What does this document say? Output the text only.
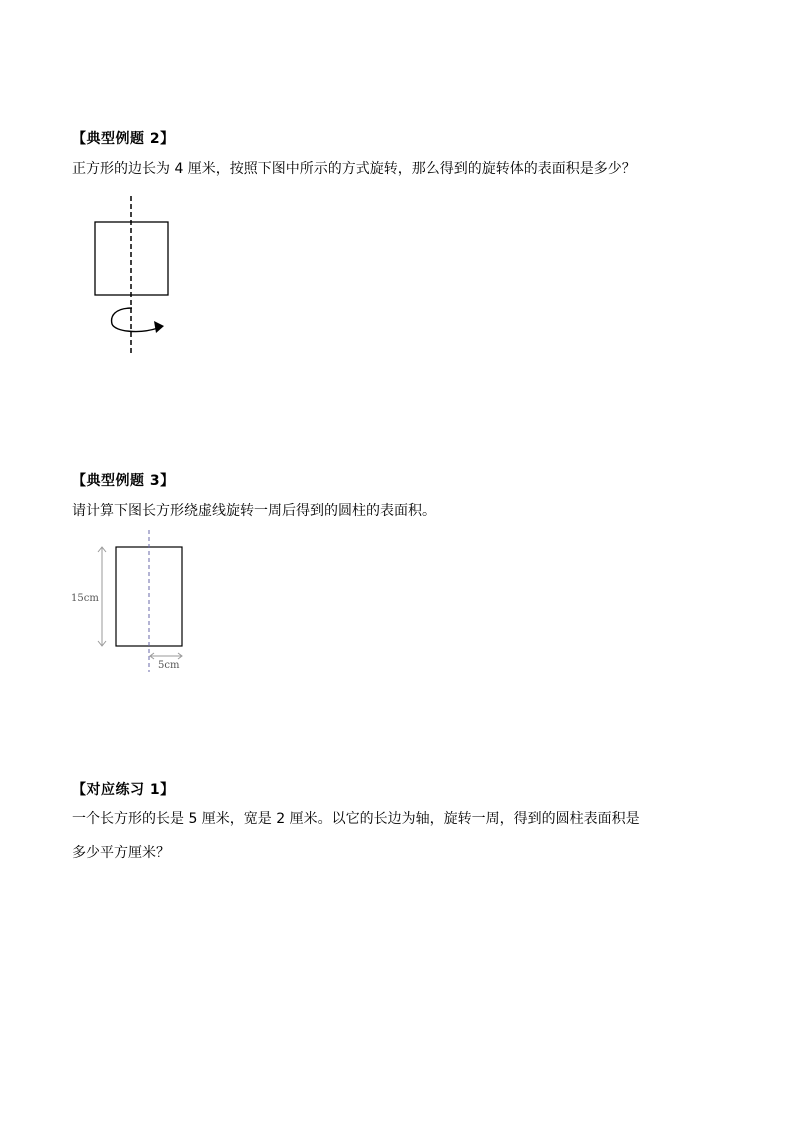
【典型例题 2】
正方形的边长为 4 厘米，按照下图中所示的方式旋转，那么得到的旋转体的表面积是多少？
【典型例题 3】
请计算下图长方形绕虚线旋转一周后得到的圆柱的表面积。
15cm
5cm
【对应练习 1】
一个长方形的长是 5 厘米，宽是 2 厘米。以它的长边为轴，旋转一周，得到的圆柱表面积是
多少平方厘米？
